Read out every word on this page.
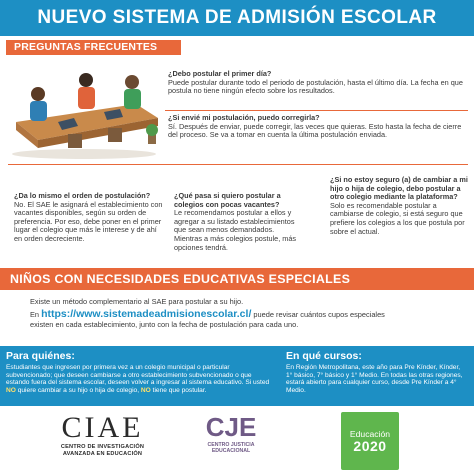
NUEVO SISTEMA DE ADMISIÓN ESCOLAR
PREGUNTAS FRECUENTES
¿Debo postular el primer día?
Puede postular durante todo el periodo de postulación, hasta el último día. La fecha en que postula no tiene ningún efecto sobre los resultados.
¿Si envié mi postulación, puedo corregirla?
Sí. Después de enviar, puede corregir, las veces que quieras. Esto hasta la fecha de cierre del proceso. Se va a tomar en cuenta la última postulación enviada.
¿Da lo mismo el orden de postulación?
No. El SAE le asignará el establecimiento con vacantes disponibles, según su orden de preferencia. Por eso, debe poner en el primer lugar el colegio que más le interese y de ahí en orden decreciente.
¿Qué pasa si quiero postular a colegios con pocas vacantes?
Le recomendamos postular a ellos y agregar a su listado establecimientos que sean menos demandados. Mientras a más colegios postule, más opciones tendrá.
¿Si no estoy seguro (a) de cambiar a mi hijo o hija de colegio, debo postular a otro colegio mediante la plataforma?
Solo es recomendable postular a cambiarse de colegio, si está seguro que prefiere los colegios a los que postula por sobre el actual.
NIÑOS CON NECESIDADES EDUCATIVAS ESPECIALES
Existe un método complementario al SAE para postular a su hijo.
En https://www.sistemadeadmisionescolar.cl/ puede revisar cuántos cupos especiales
existen en cada establecimiento, junto con la fecha de postulación para cada uno.
Para quiénes:

Estudiantes que ingresen por primera vez a un colegio municipal o particular subvencionado; que deseen cambiarse a otro establecimiento subvencionado o que estando fuera del sistema escolar, deseen volver a ingresar al sistema educativo. Si usted NO quiere cambiar a su hijo o hija de colegio, NO tiene que postular.

En qué cursos:

En Región Metropolitana, este año para Pre Kínder, Kínder, 1° básico, 7° básico y 1° Medio. En todas las otras regiones, estará abierto para cualquier curso, desde Pre Kínder a 4° Medio.

CIAE
CENTRO DE INVESTIGACIÓN
AVANZADA EN EDUCACIÓN
CJE
CENTRO JUSTICIA
EDUCACIONAL
Educación
2020
